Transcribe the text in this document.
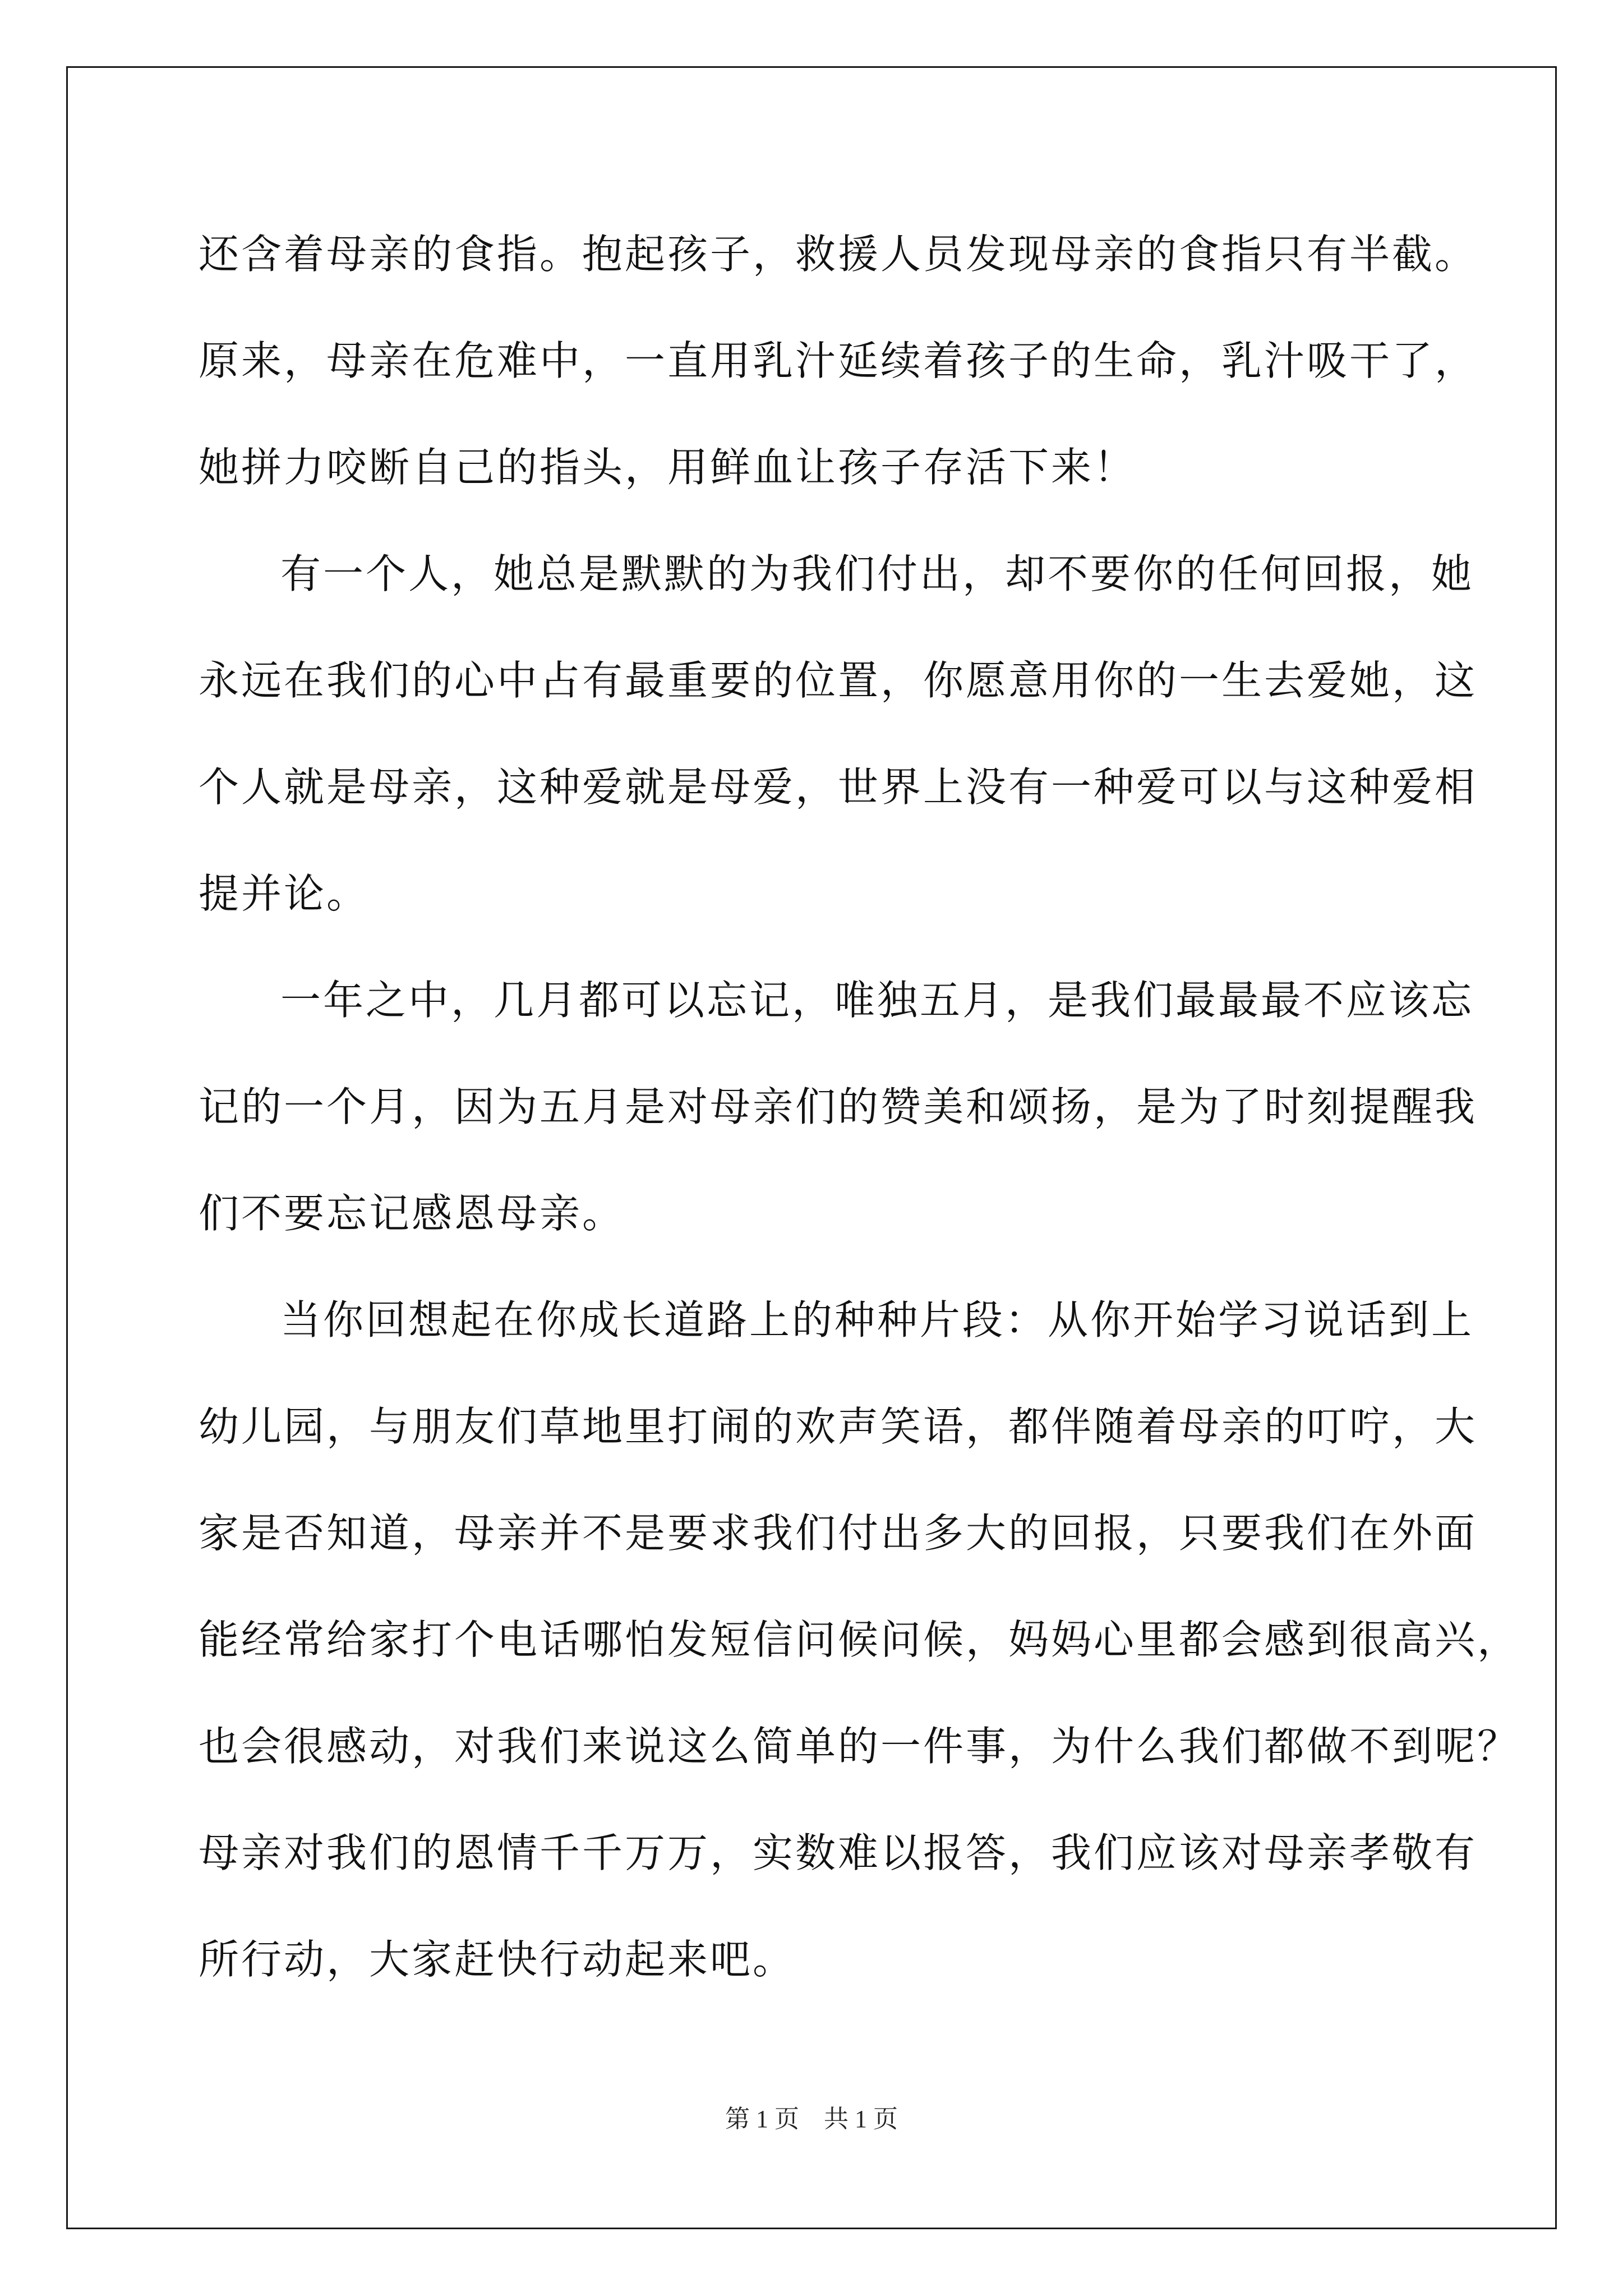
还含着母亲的食指。抱起孩子，救援人员发现母亲的食指只有半截。
原来，母亲在危难中，一直用乳汁延续着孩子的生命，乳汁吸干了，
她拼力咬断自己的指头，用鲜血让孩子存活下来！
有一个人，她总是默默的为我们付出，却不要你的任何回报，她
永远在我们的心中占有最重要的位置，你愿意用你的一生去爱她，这
个人就是母亲，这种爱就是母爱，世界上没有一种爱可以与这种爱相
提并论。
一年之中，几月都可以忘记，唯独五月，是我们最最最不应该忘
记的一个月，因为五月是对母亲们的赞美和颂扬，是为了时刻提醒我
们不要忘记感恩母亲。
当你回想起在你成长道路上的种种片段：从你开始学习说话到上
幼儿园，与朋友们草地里打闹的欢声笑语，都伴随着母亲的叮咛，大
家是否知道，母亲并不是要求我们付出多大的回报，只要我们在外面
能经常给家打个电话哪怕发短信问候问候，妈妈心里都会感到很高兴，
也会很感动，对我们来说这么简单的一件事，为什么我们都做不到呢？
母亲对我们的恩情千千万万，实数难以报答，我们应该对母亲孝敬有
所行动，大家赶快行动起来吧。
第 1 页    共 1 页
